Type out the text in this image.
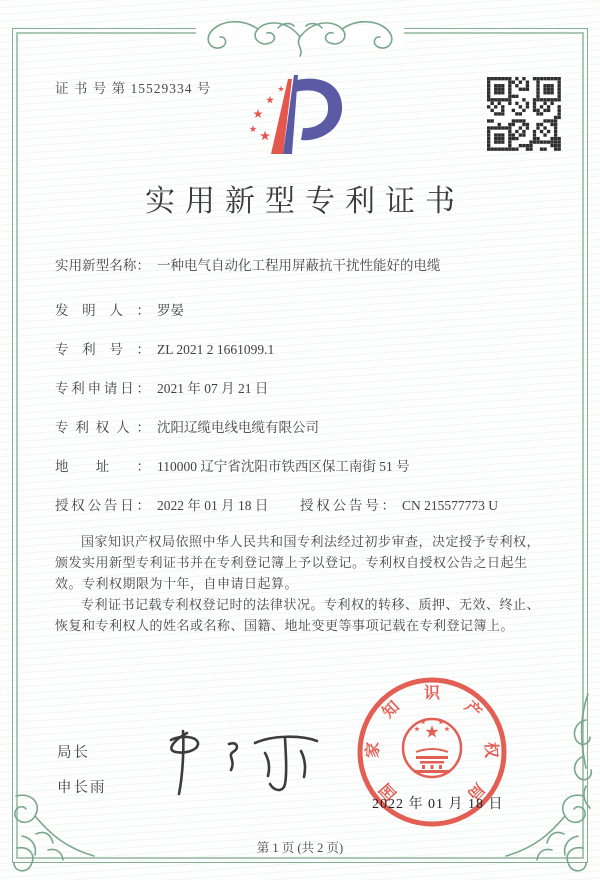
证 书 号 第 15529334 号
实用新型专利证书
实用新型名称： 一种电气自动化工程用屏蔽抗干扰性能好的电缆
发明人： 罗晏
专利号： ZL 2021 2 1661099.1
专利申请日： 2021 年 07 月 21 日
专利权人： 沈阳辽缆电线电缆有限公司
地址： 110000 辽宁省沈阳市铁西区保工南街 51 号
授权公告日： 2022 年 01 月 18 日 授权公告号： CN 215577773 U

国家知识产权局依照中华人民共和国专利法经过初步审查，决定授予专利权，颁发实用新型专利证书并在专利登记簿上予以登记。专利权自授权公告之日起生效。专利权期限为十年，自申请日起算。

专利证书记载专利权登记时的法律状况。专利权的转移、质押、无效、终止、恢复和专利权人的姓名或名称、国籍、地址变更等事项记载在专利登记簿上。

局长
申长雨	国
家
知
识
产
权
局
2022 年 01 月 18 日
第 1 页 (共 2 页)
